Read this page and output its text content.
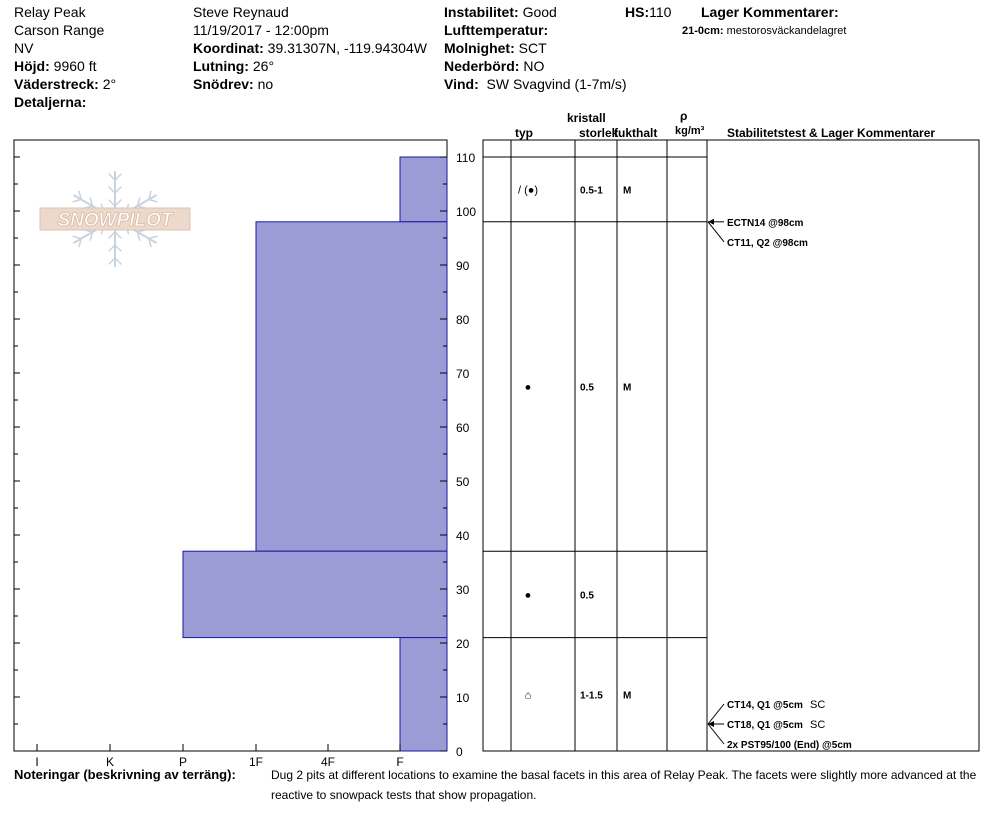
Relay Peak
Carson Range
NV
Höjd: 9960 ft
Väderstreck: 2°
Detaljerna:
Steve Reynaud
11/19/2017 - 12:00pm
Koordinat: 39.31307N, -119.94304W
Lutning: 26°
Snödrev: no
Instabilitet: Good
Lufttemperatur:
Molnighet: SCT
Nederbörd: NO
Vind: SW Svagvind (1-7m/s)
HS:110 Lager Kommentarer:
21-0cm: mestorosväckandelagret
SNOWPILOT
0
10
20
30
40
50
60
70
80
90
100
110
I	K	P	1F	4F	F
/ (●)	0.5-1 M
●	0.5	M
●	0.5
⌂	1-1.5 M
CT14, Q1 @5cm SC
CT18, Q1 @5cm SC
2x PST95/100 (End) @5cm
ECTN14 @98cm
CT11, Q2 @98cm
typ
kristall
storlek
fukthalt
ρ
kg/m³ Stabilitetstest & Lager Kommentarer
Noteringar (beskrivning av terräng):	Dug 2 pits at different locations to examine the basal facets in this area of Relay Peak. The facets were slightly more advanced at the
reactive to snowpack tests that show propagation.
